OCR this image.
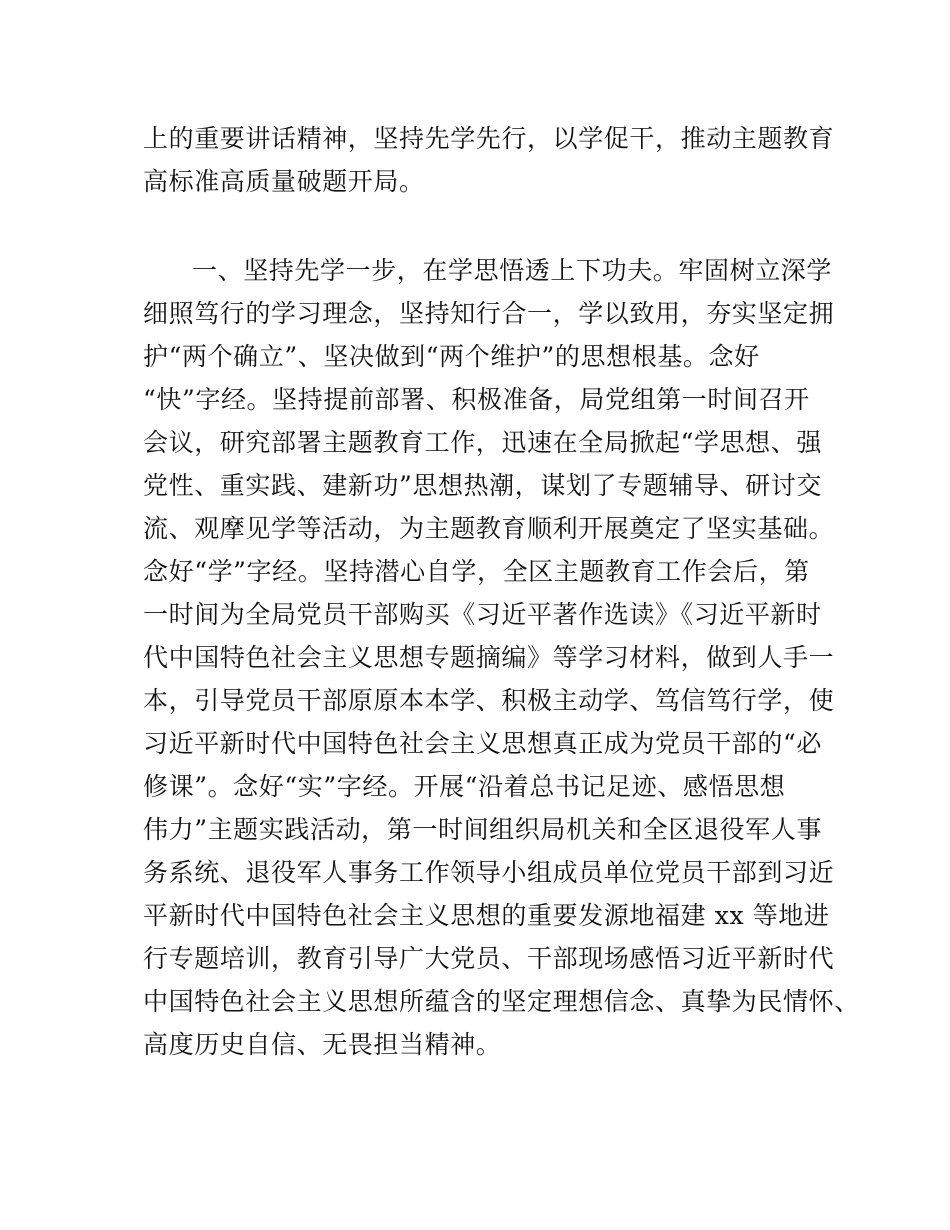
上的重要讲话精神，坚持先学先行，以学促干，推动主题教育
高标准高质量破题开局。
一、坚持先学一步，在学思悟透上下功夫。牢固树立深学
细照笃行的学习理念，坚持知行合一，学以致用，夯实坚定拥
护“两个确立”、坚决做到“两个维护”的思想根基。念好
“快”字经。坚持提前部署、积极准备，局党组第一时间召开
会议，研究部署主题教育工作，迅速在全局掀起“学思想、强
党性、重实践、建新功”思想热潮，谋划了专题辅导、研讨交
流、观摩见学等活动，为主题教育顺利开展奠定了坚实基础。
念好“学”字经。坚持潜心自学，全区主题教育工作会后，第
一时间为全局党员干部购买《习近平著作选读》《习近平新时
代中国特色社会主义思想专题摘编》等学习材料，做到人手一
本，引导党员干部原原本本学、积极主动学、笃信笃行学，使
习近平新时代中国特色社会主义思想真正成为党员干部的“必
修课”。念好“实”字经。开展“沿着总书记足迹、感悟思想
伟力”主题实践活动，第一时间组织局机关和全区退役军人事
务系统、退役军人事务工作领导小组成员单位党员干部到习近
平新时代中国特色社会主义思想的重要发源地福建 xx 等地进
行专题培训，教育引导广大党员、干部现场感悟习近平新时代
中国特色社会主义思想所蕴含的坚定理想信念、真挚为民情怀、
高度历史自信、无畏担当精神。
